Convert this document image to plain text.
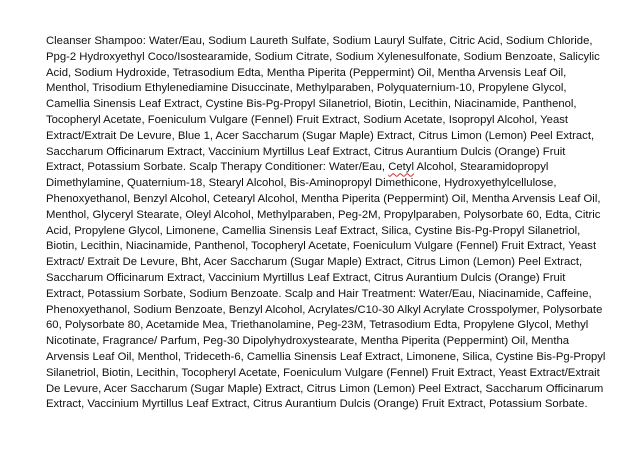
Cleanser Shampoo: Water/Eau, Sodium Laureth Sulfate, Sodium Lauryl Sulfate, Citric Acid, Sodium Chloride, Ppg-2 Hydroxyethyl Coco/Isostearamide, Sodium Citrate, Sodium Xylenesulfonate, Sodium Benzoate, Salicylic Acid, Sodium Hydroxide, Tetrasodium Edta, Mentha Piperita (Peppermint) Oil, Mentha Arvensis Leaf Oil, Menthol, Trisodium Ethylenediamine Disuccinate, Methylparaben, Polyquaternium-10, Propylene Glycol, Camellia Sinensis Leaf Extract, Cystine Bis-Pg-Propyl Silanetriol, Biotin, Lecithin, Niacinamide, Panthenol, Tocopheryl Acetate, Foeniculum Vulgare (Fennel) Fruit Extract, Sodium Acetate, Isopropyl Alcohol, Yeast Extract/Extrait De Levure, Blue 1, Acer Saccharum (Sugar Maple) Extract, Citrus Limon (Lemon) Peel Extract, Saccharum Officinarum Extract, Vaccinium Myrtillus Leaf Extract, Citrus Aurantium Dulcis (Orange) Fruit Extract, Potassium Sorbate. Scalp Therapy Conditioner: Water/Eau, Cetyl Alcohol, Stearamidopropyl Dimethylamine, Quaternium-18, Stearyl Alcohol, Bis-Aminopropyl Dimethicone, Hydroxyethylcellulose, Phenoxyethanol, Benzyl Alcohol, Cetearyl Alcohol, Mentha Piperita (Peppermint) Oil, Mentha Arvensis Leaf Oil, Menthol, Glyceryl Stearate, Oleyl Alcohol, Methylparaben, Peg-2M, Propylparaben, Polysorbate 60, Edta, Citric Acid, Propylene Glycol, Limonene, Camellia Sinensis Leaf Extract, Silica, Cystine Bis-Pg-Propyl Silanetriol, Biotin, Lecithin, Niacinamide, Panthenol, Tocopheryl Acetate, Foeniculum Vulgare (Fennel) Fruit Extract, Yeast Extract/ Extrait De Levure, Bht, Acer Saccharum (Sugar Maple) Extract, Citrus Limon (Lemon) Peel Extract, Saccharum Officinarum Extract, Vaccinium Myrtillus Leaf Extract, Citrus Aurantium Dulcis (Orange) Fruit Extract, Potassium Sorbate, Sodium Benzoate. Scalp and Hair Treatment: Water/Eau, Niacinamide, Caffeine, Phenoxyethanol, Sodium Benzoate, Benzyl Alcohol, Acrylates/C10-30 Alkyl Acrylate Crosspolymer, Polysorbate 60, Polysorbate 80, Acetamide Mea, Triethanolamine, Peg-23M, Tetrasodium Edta, Propylene Glycol, Methyl Nicotinate, Fragrance/ Parfum, Peg-30 Dipolyhydroxystearate, Mentha Piperita (Peppermint) Oil, Mentha Arvensis Leaf Oil, Menthol, Trideceth-6, Camellia Sinensis Leaf Extract, Limonene, Silica, Cystine Bis-Pg-Propyl Silanetriol, Biotin, Lecithin, Tocopheryl Acetate, Foeniculum Vulgare (Fennel) Fruit Extract, Yeast Extract/Extrait De Levure, Acer Saccharum (Sugar Maple) Extract, Citrus Limon (Lemon) Peel Extract, Saccharum Officinarum Extract, Vaccinium Myrtillus Leaf Extract, Citrus Aurantium Dulcis (Orange) Fruit Extract, Potassium Sorbate.
